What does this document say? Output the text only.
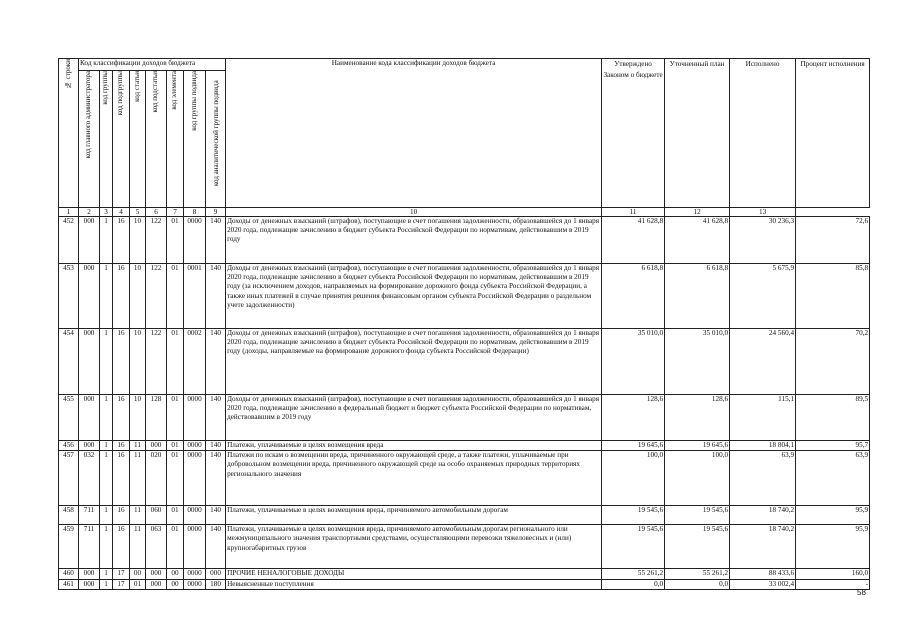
№ строки	Код классификации доходов бюджета								Наименование кода классификации доходов бюджета	Утверждено Законом о бюджете	Уточненный план	Исполнено	Процент исполнения
	код главного администратора	код группы	код подгруппы	код статьи	код подстатьи	код элемента	код группы подвида	код аналитической группы подвида					
1	2	3	4	5	6	7	8	9	10	11	12	13	
452	000	1	16	10	122	01	0000	140	Доходы от денежных взысканий (штрафов), поступающие в счет погашения задолженности, образовавшейся до 1 января 2020 года, подлежащие зачислению в бюджет субъекта Российской Федерации по нормативам, действовавшим в 2019 году	41 628,8	41 628,8	30 236,3	72,6
453	000	1	16	10	122	01	0001	140	Доходы от денежных взысканий (штрафов), поступающие в счет погашения задолженности, образовавшейся до 1 января 2020 года, подлежащие зачислению в бюджет субъекта Российской Федерации по нормативам, действовавшим в 2019 году (за исключением доходов, направляемых на формирование дорожного фонда субъекта Российской Федерации, а также иных платежей в случае принятия решения финансовым органом субъекта Российской Федерации о раздельном учете задолженности)	6 618,8	6 618,8	5 675,9	85,8
454	000	1	16	10	122	01	0002	140	Доходы от денежных взысканий (штрафов), поступающие в счет погашения задолженности, образовавшейся до 1 января 2020 года, подлежащие зачислению в бюджет субъекта Российской Федерации по нормативам, действовавшим в 2019 году (доходы, направляемые на формирование дорожного фонда субъекта Российской Федерации)	35 010,0	35 010,0	24 560,4	70,2
455	000	1	16	10	128	01	0000	140	Доходы от денежных взысканий (штрафов), поступающие в счет погашения задолженности, образовавшейся до 1 января 2020 года, подлежащие зачислению в федеральный бюджет и бюджет субъекта Российской Федерации по нормативам, действовавшим в 2019 году	128,6	128,6	115,1	89,5
456	000	1	16	11	000	01	0000	140	Платежи, уплачиваемые в целях возмещения вреда	19 645,6	19 645,6	18 804,1	95,7
457	032	1	16	11	020	01	0000	140	Платежи по искам о возмещении вреда, причиненного окружающей среде, а также платежи, уплачиваемые при добровольном возмещении вреда, причиненного окружающей среде на особо охраняемых природных территориях регионального значения	100,0	100,0	63,9	63,9
458	711	1	16	11	060	01	0000	140	Платежи, уплачиваемые в целях возмещения вреда, причиняемого автомобильным дорогам	19 545,6	19 545,6	18 740,2	95,9
459	711	1	16	11	063	01	0000	140	Платежи, уплачиваемые в целях возмещения вреда, причиняемого автомобильным дорогам регионального или межмуниципального значения транспортными средствами, осуществляющими перевозки тяжеловесных и (или) крупногабаритных грузов	19 545,6	19 545,6	18 740,2	95,9
460	000	1	17	00	000	00	0000	000	ПРОЧИЕ НЕНАЛОГОВЫЕ ДОХОДЫ	55 261,2	55 261,2	88 433,6	160,0
461	000	1	17	01	000	00	0000	180	Невыясненные поступления	0,0	0,0	33 002,4	-
58
